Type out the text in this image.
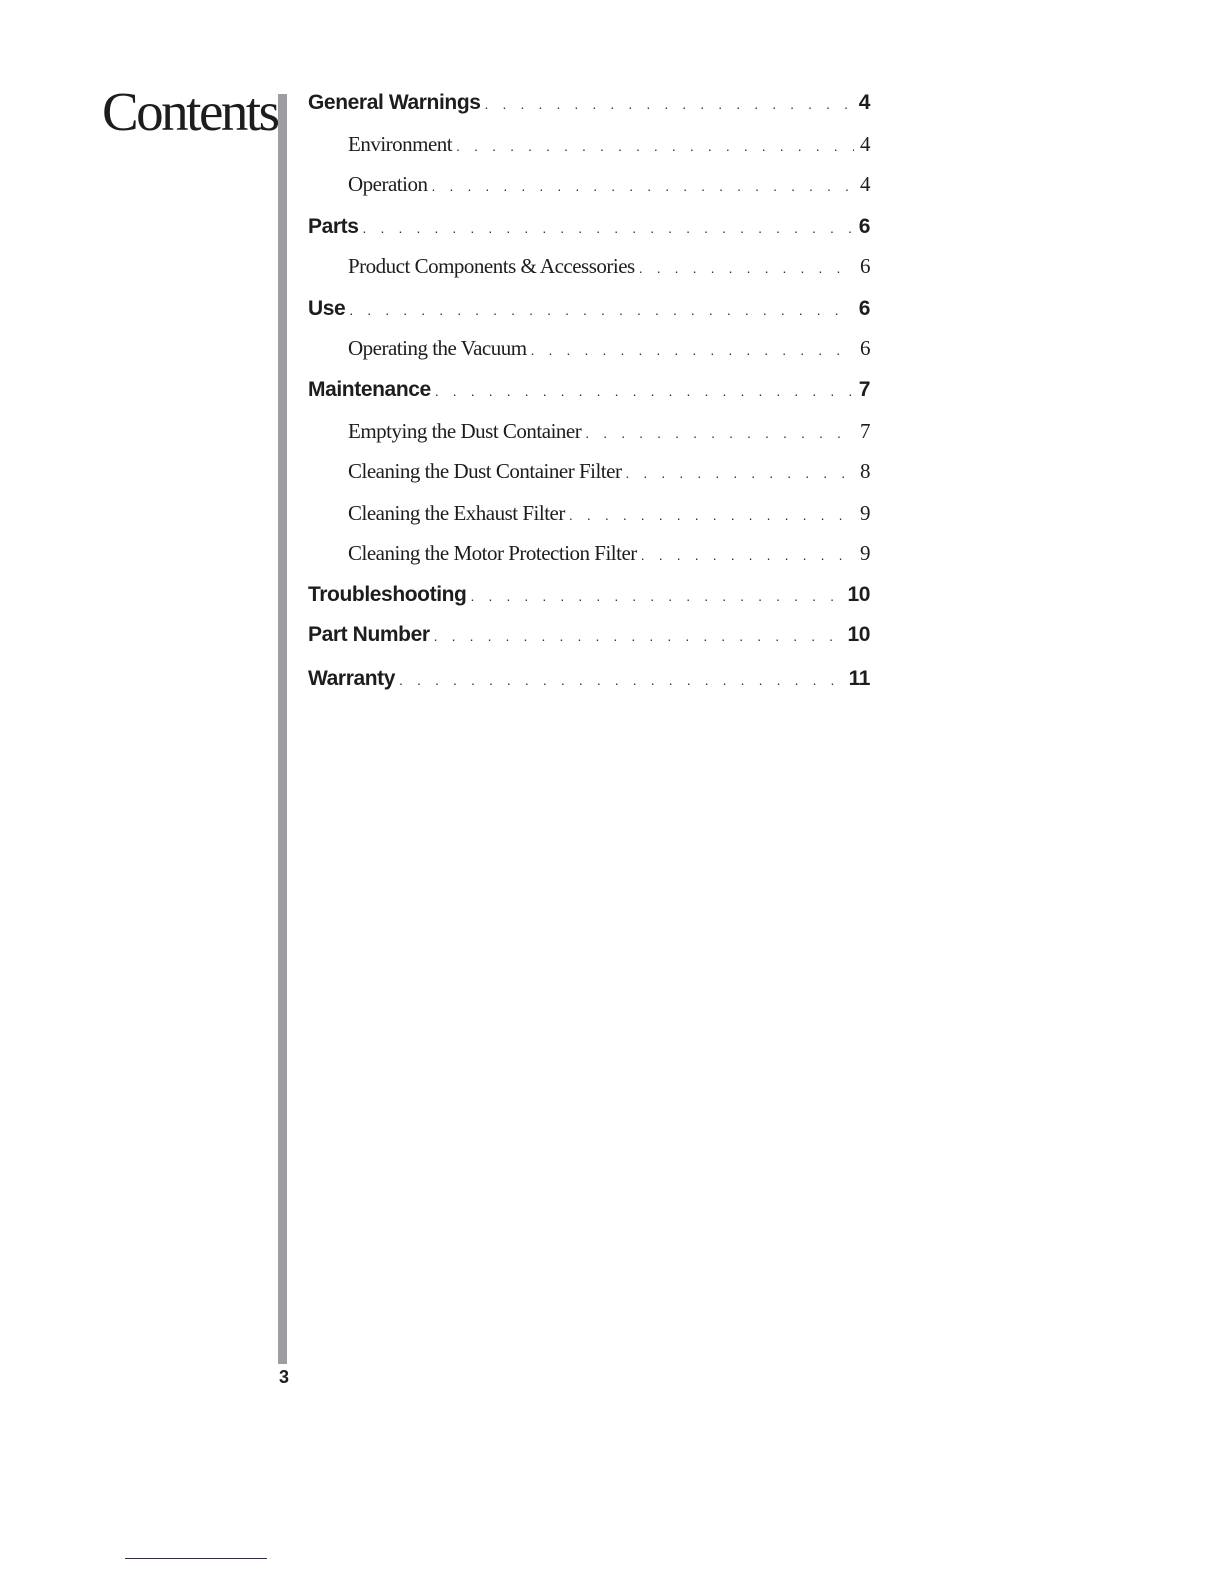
Contents General Warnings . . .	4
Environment . . .	4
Operation . . .	4
Parts . . .	6
Product Components & Accessories . . .	6
Use . . .	6
Operating the Vacuum . . .	6
Maintenance . . .	7
Emptying the Dust Container . . .	7
Cleaning the Dust Container Filter . . .	8
Cleaning the Exhaust Filter . . .	9
Cleaning the Motor Protection Filter . . .	9
Troubleshooting . . .	10
Part Number . . .	10
Warranty . . .	11
3
